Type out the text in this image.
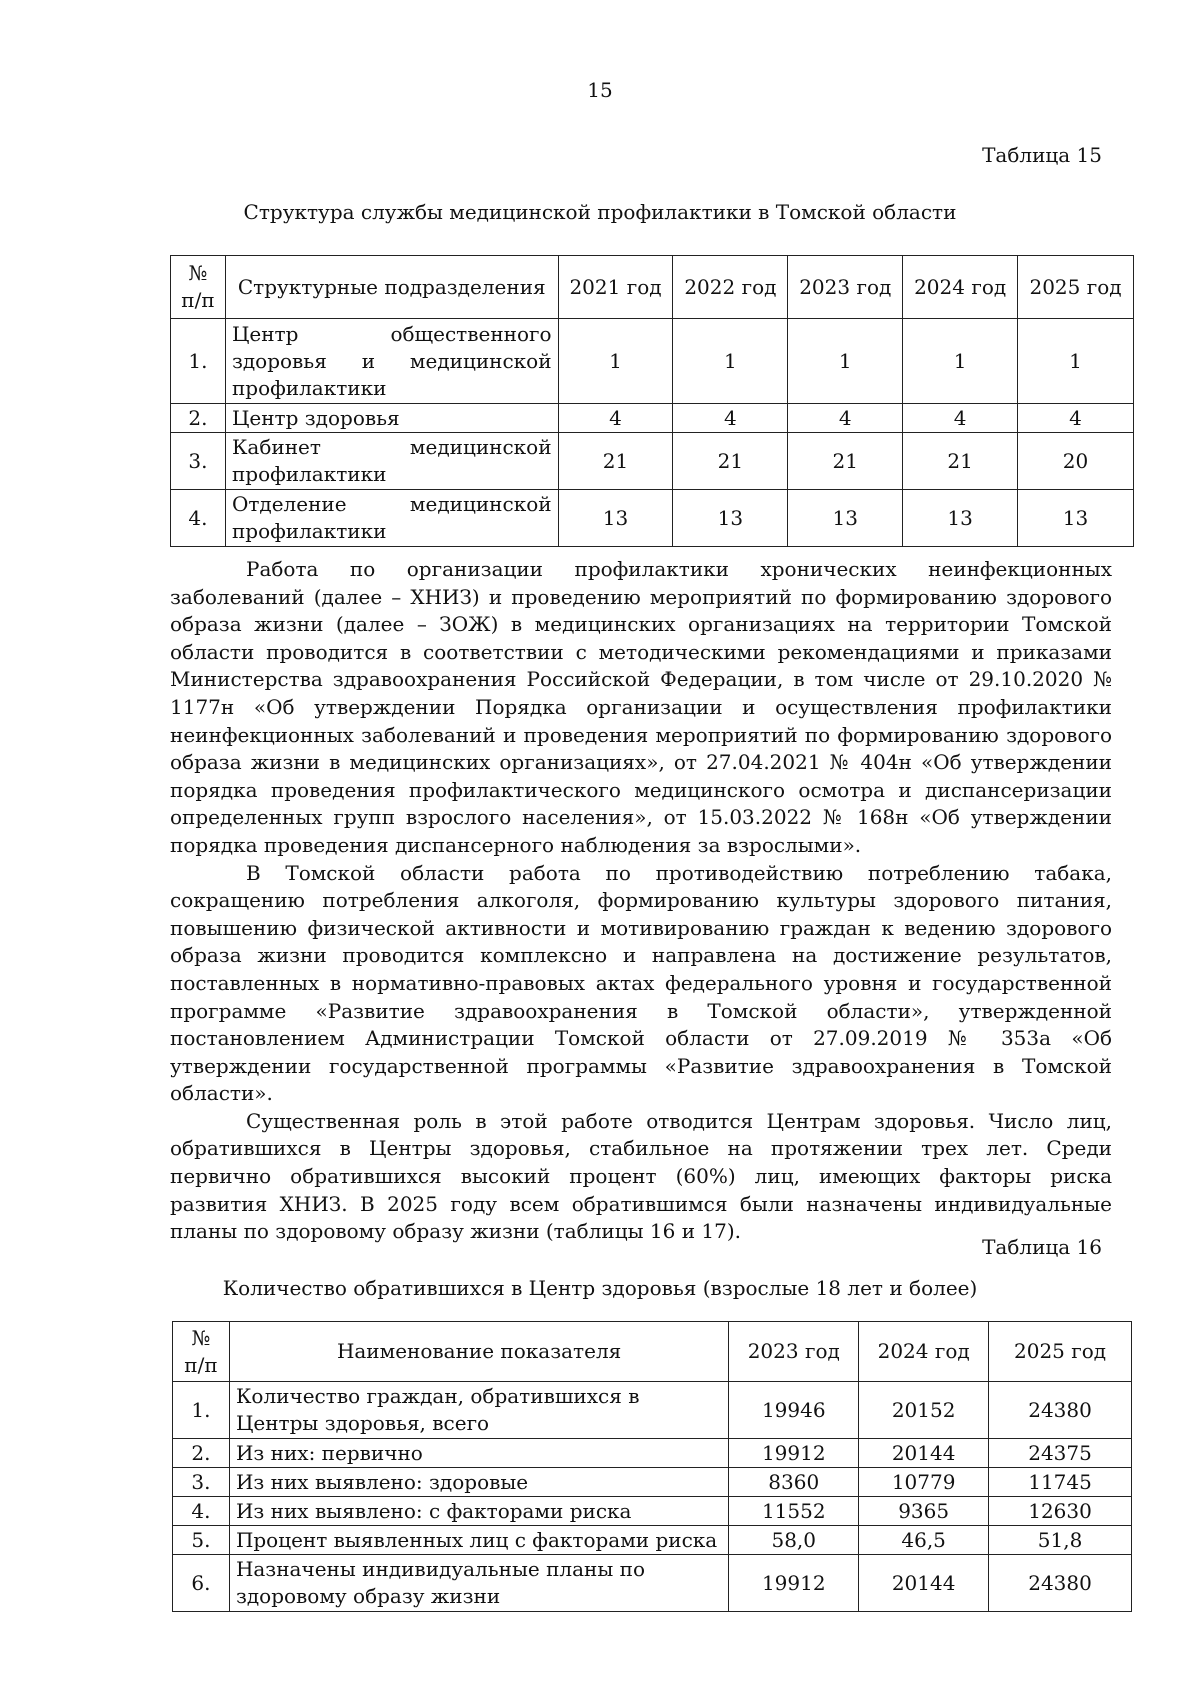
15
Таблица 15
Структура службы медицинской профилактики в Томской области
№ п/п	Структурные подразделения	2021 год	2022 год	2023 год	2024 год	2025 год
1.	Центр общественного здоровья и медицинской профилактики	1	1	1	1	1
2.	Центр здоровья	4	4	4	4	4
3.	Кабинет медицинской профилактики	21	21	21	21	20
4.	Отделение медицинской профилактики	13	13	13	13	13

Работа по организации профилактики хронических неинфекционных заболеваний (далее – ХНИЗ) и проведению мероприятий по формированию здорового образа жизни (далее – ЗОЖ) в медицинских организациях на территории Томской области проводится в соответствии с методическими рекомендациями и приказами Министерства здравоохранения Российской Федерации, в том числе от 29.10.2020 № 1177н «Об утверждении Порядка организации и осуществления профилактики неинфекционных заболеваний и проведения мероприятий по формированию здорового образа жизни в медицинских организациях», от 27.04.2021 № 404н «Об утверждении порядка проведения профилактического медицинского осмотра и диспансеризации определенных групп взрослого населения», от 15.03.2022 № 168н «Об утверждении порядка проведения диспансерного наблюдения за взрослыми».

В Томской области работа по противодействию потреблению табака, сокращению потребления алкоголя, формированию культуры здорового питания, повышению физической активности и мотивированию граждан к ведению здорового образа жизни проводится комплексно и направлена на достижение результатов, поставленных в нормативно-правовых актах федерального уровня и государственной программе «Развитие здравоохранения в Томской области», утвержденной постановлением Администрации Томской области от 27.09.2019 № 353а «Об утверждении государственной программы «Развитие здравоохранения в Томской области».

Существенная роль в этой работе отводится Центрам здоровья. Число лиц, обратившихся в Центры здоровья, стабильное на протяжении трех лет. Среди первично обратившихся высокий процент (60%) лиц, имеющих факторы риска развития ХНИЗ. В 2025 году всем обратившимся были назначены индивидуальные планы по здоровому образу жизни (таблицы 16 и 17).

Таблица 16
Количество обратившихся в Центр здоровья (взрослые 18 лет и более)
№ п/п	Наименование показателя	2023 год	2024 год	2025 год
1.	Количество граждан, обратившихся в Центры здоровья, всего	19946	20152	24380
2.	Из них: первично	19912	20144	24375
3.	Из них выявлено: здоровые	8360	10779	11745
4.	Из них выявлено: с факторами риска	11552	9365	12630
5.	Процент выявленных лиц с факторами риска	58,0	46,5	51,8
6.	Назначены индивидуальные планы по здоровому образу жизни	19912	20144	24380
